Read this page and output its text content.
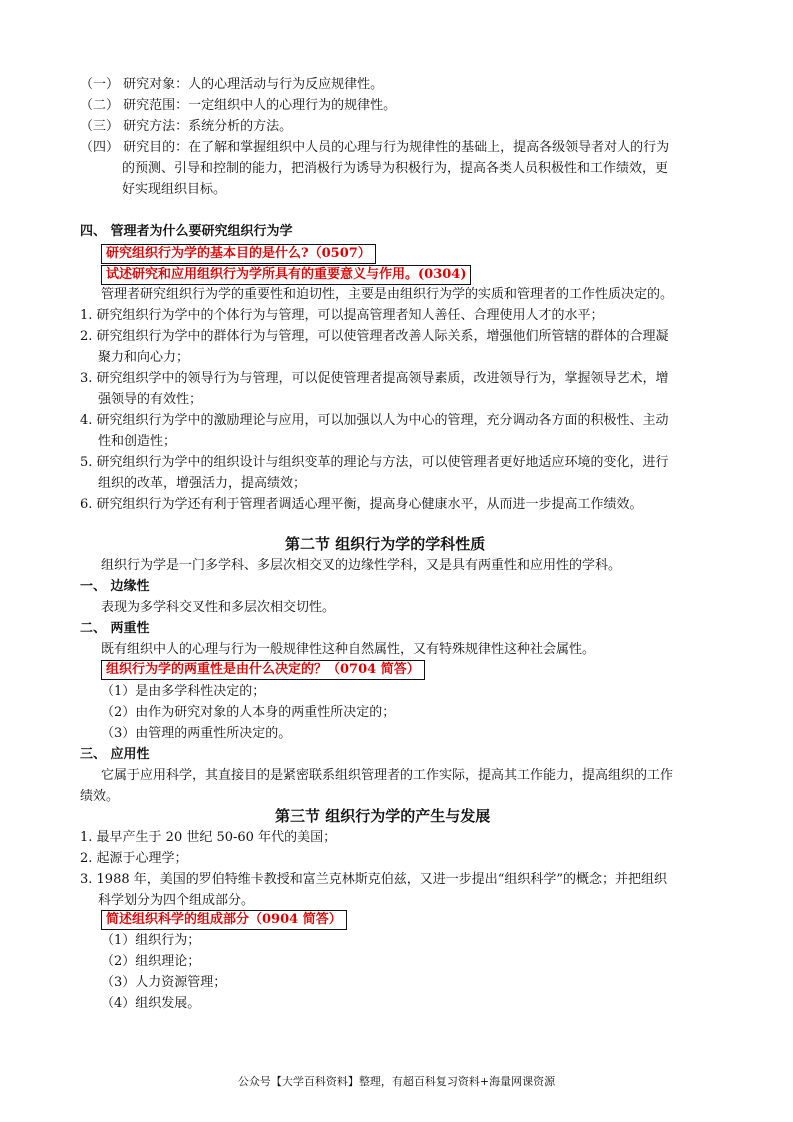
（一） 研究对象：人的心理活动与行为反应规律性。
（二） 研究范围：一定组织中人的心理行为的规律性。
（三） 研究方法：系统分析的方法。
（四） 研究目的：在了解和掌握组织中人员的心理与行为规律性的基础上，提高各级领导者对人的行为
的预测、引导和控制的能力，把消极行为诱导为积极行为，提高各类人员积极性和工作绩效，更
好实现组织目标。
四、 管理者为什么要研究组织行为学
研究组织行为学的基本目的是什么?（0507）
试述研究和应用组织行为学所具有的重要意义与作用。(0304)
管理者研究组织行为学的重要性和迫切性，主要是由组织行为学的实质和管理者的工作性质决定的。
1. 研究组织行为学中的个体行为与管理，可以提高管理者知人善任、合理使用人才的水平；
2. 研究组织行为学中的群体行为与管理，可以使管理者改善人际关系，增强他们所管辖的群体的合理凝
聚力和向心力；
3. 研究组织学中的领导行为与管理，可以促使管理者提高领导素质，改进领导行为，掌握领导艺术，增
强领导的有效性；
4. 研究组织行为学中的激励理论与应用，可以加强以人为中心的管理，充分调动各方面的积极性、主动
性和创造性；
5. 研究组织行为学中的组织设计与组织变革的理论与方法，可以使管理者更好地适应环境的变化，进行
组织的改革，增强活力，提高绩效；
6. 研究组织行为学还有利于管理者调适心理平衡，提高身心健康水平，从而进一步提高工作绩效。
第二节 组织行为学的学科性质
组织行为学是一门多学科、多层次相交叉的边缘性学科，又是具有两重性和应用性的学科。
一、 边缘性
表现为多学科交叉性和多层次相交切性。
二、 两重性
既有组织中人的心理与行为一般规律性这种自然属性，又有特殊规律性这种社会属性。
组织行为学的两重性是由什么决定的？（0704 简答）
（1）是由多学科性决定的；
（2）由作为研究对象的人本身的两重性所决定的；
（3）由管理的两重性所决定的。
三、 应用性
它属于应用科学，其直接目的是紧密联系组织管理者的工作实际，提高其工作能力，提高组织的工作
绩效。
第三节 组织行为学的产生与发展
1. 最早产生于 20 世纪 50-60 年代的美国；
2. 起源于心理学；
3. 1988 年，美国的罗伯特维卡教授和富兰克林斯克伯兹，又进一步提出“组织科学”的概念；并把组织
科学划分为四个组成部分。
简述组织科学的组成部分（0904 简答）
（1）组织行为；
（2）组织理论；
（3）人力资源管理；
（4）组织发展。
公众号【大学百科资料】整理，有超百科复习资料+海量网课资源
